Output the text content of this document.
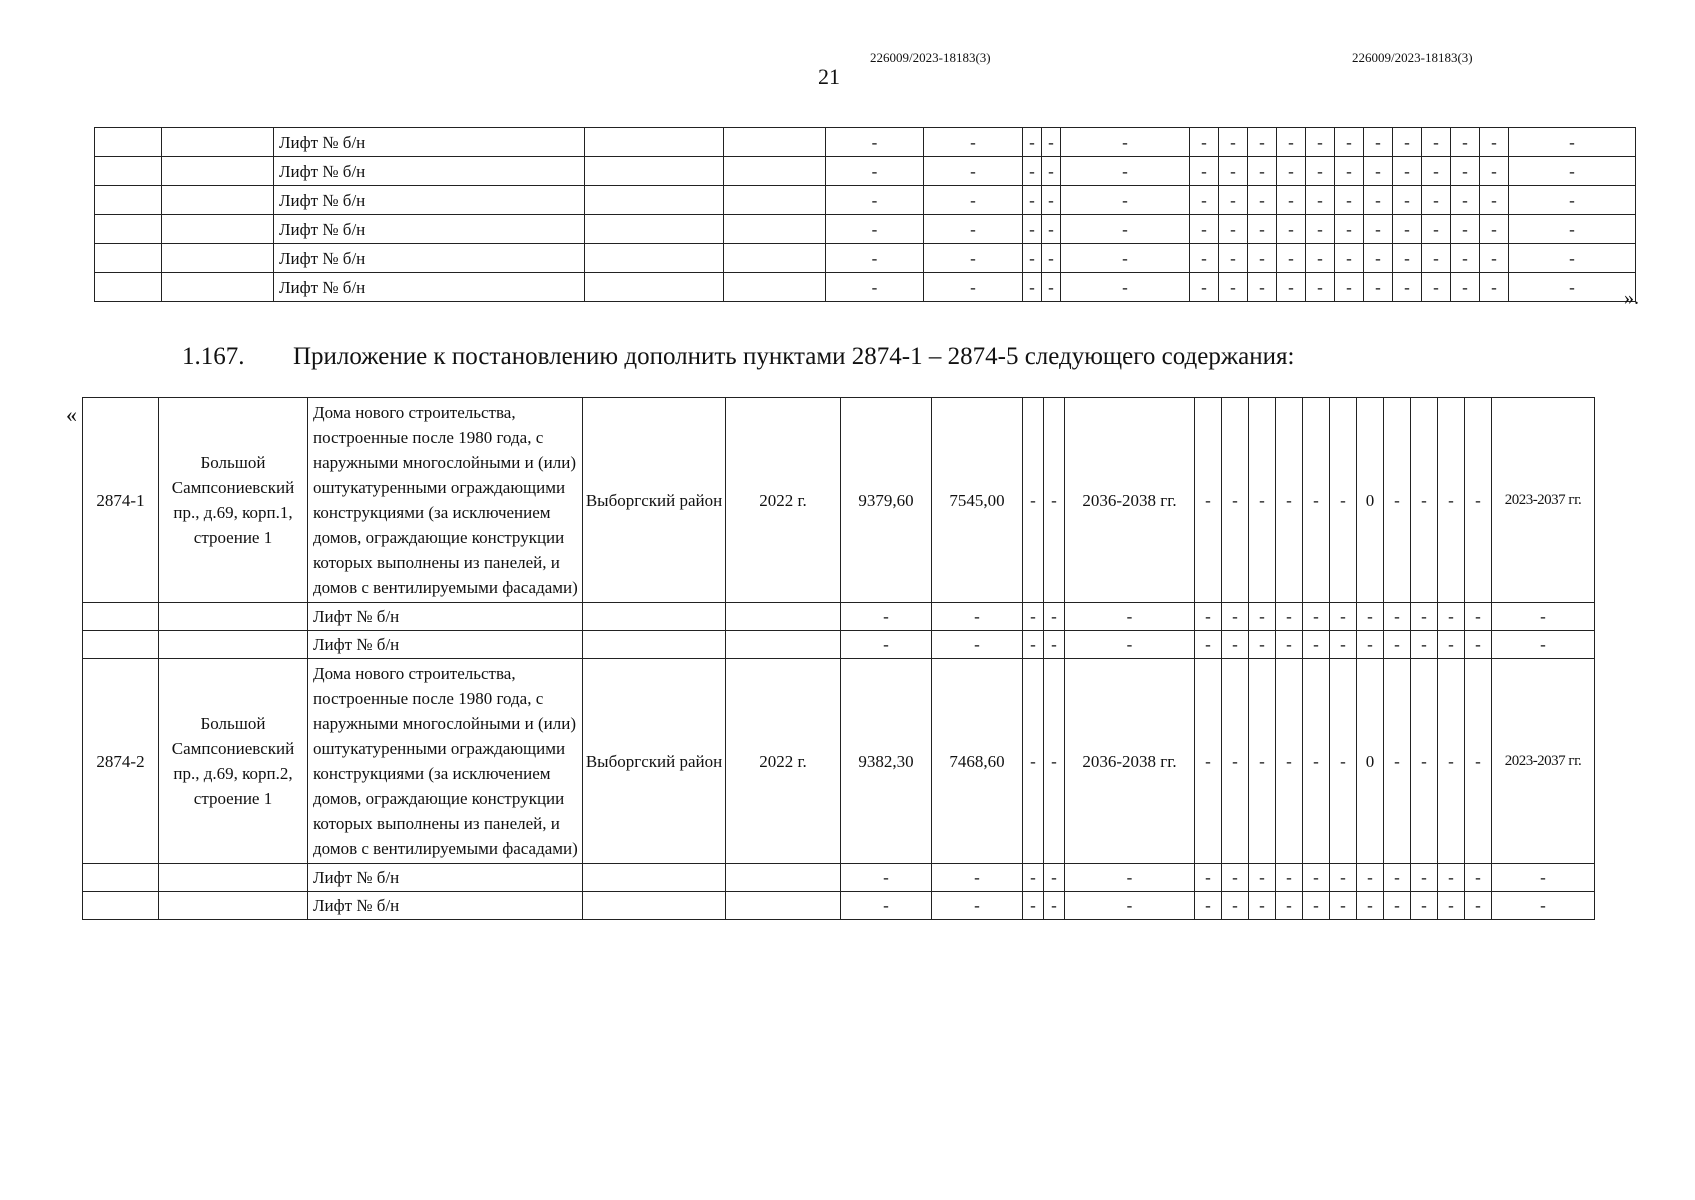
226009/2023-18183(3)	226009/2023-18183(3)
21
		Лифт № б/н			-	-	-	-	-	-	-	-	-	-	-	-	-	-	-	-	-		
		Лифт № б/н			-	-	-	-	-	-	-	-	-	-	-	-	-	-	-	-	-		
		Лифт № б/н			-	-	-	-	-	-	-	-	-	-	-	-	-	-	-	-	-		
		Лифт № б/н			-	-	-	-	-	-	-	-	-	-	-	-	-	-	-	-	-		
		Лифт № б/н			-	-	-	-	-	-	-	-	-	-	-	-	-	-	-	-	-		
		Лифт № б/н			-	-	-	-	-	-	-	-	-	-	-	-	-	-	-	-	-		».
1.167. Приложение к постановлению дополнить пунктами 2874-1 – 2874-5 следующего содержания:
«
2874-1	Большой Сампсониевский пр., д.69, корп.1, строение 1	Дома нового строительства, построенные после 1980 года, с наружными многослойными и (или) оштукатуренными ограждающими конструкциями (за исключением домов, ограждающие конструкции которых выполнены из панелей, и домов с вентилируемыми фасадами)	Выборгский район	2022 г.	9379,60	7545,00	-	-	2036-2038 гг.	-	-	-	-	-	-	0	-	-	-	-	2023-2037 гг.	
		Лифт № б/н			-	-	-	-	-	-	-	-	-	-	-	-	-	-	-	-	-		
		Лифт № б/н			-	-	-	-	-	-	-	-	-	-	-	-	-	-	-	-	-		
2874-2	Большой Сампсониевский пр., д.69, корп.2, строение 1	Дома нового строительства, построенные после 1980 года, с наружными многослойными и (или) оштукатуренными ограждающими конструкциями (за исключением домов, ограждающие конструкции которых выполнены из панелей, и домов с вентилируемыми фасадами)	Выборгский район	2022 г.	9382,30	7468,60	-	-	2036-2038 гг.	-	-	-	-	-	-	0	-	-	-	-	2023-2037 гг.	
		Лифт № б/н			-	-	-	-	-	-	-	-	-	-	-	-	-	-	-	-	-		
		Лифт № б/н			-	-	-	-	-	-	-	-	-	-	-	-	-	-	-	-	-		
